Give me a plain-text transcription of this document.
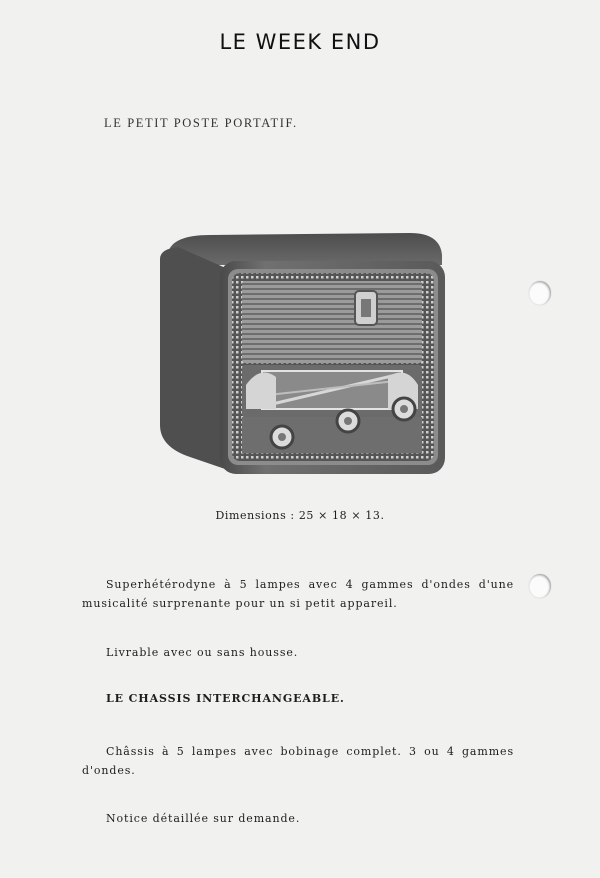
LE WEEK END
LE PETIT POSTE PORTATIF.
Dimensions : 25 × 18 × 13.
Superhétérodyne à 5 lampes avec 4 gammes d'ondes d'une
musicalité surprenante pour un si petit appareil.
Livrable avec ou sans housse.
LE CHASSIS INTERCHANGEABLE.
Châssis à 5 lampes avec bobinage complet. 3 ou 4 gammes
d'ondes.
Notice détaillée sur demande.
